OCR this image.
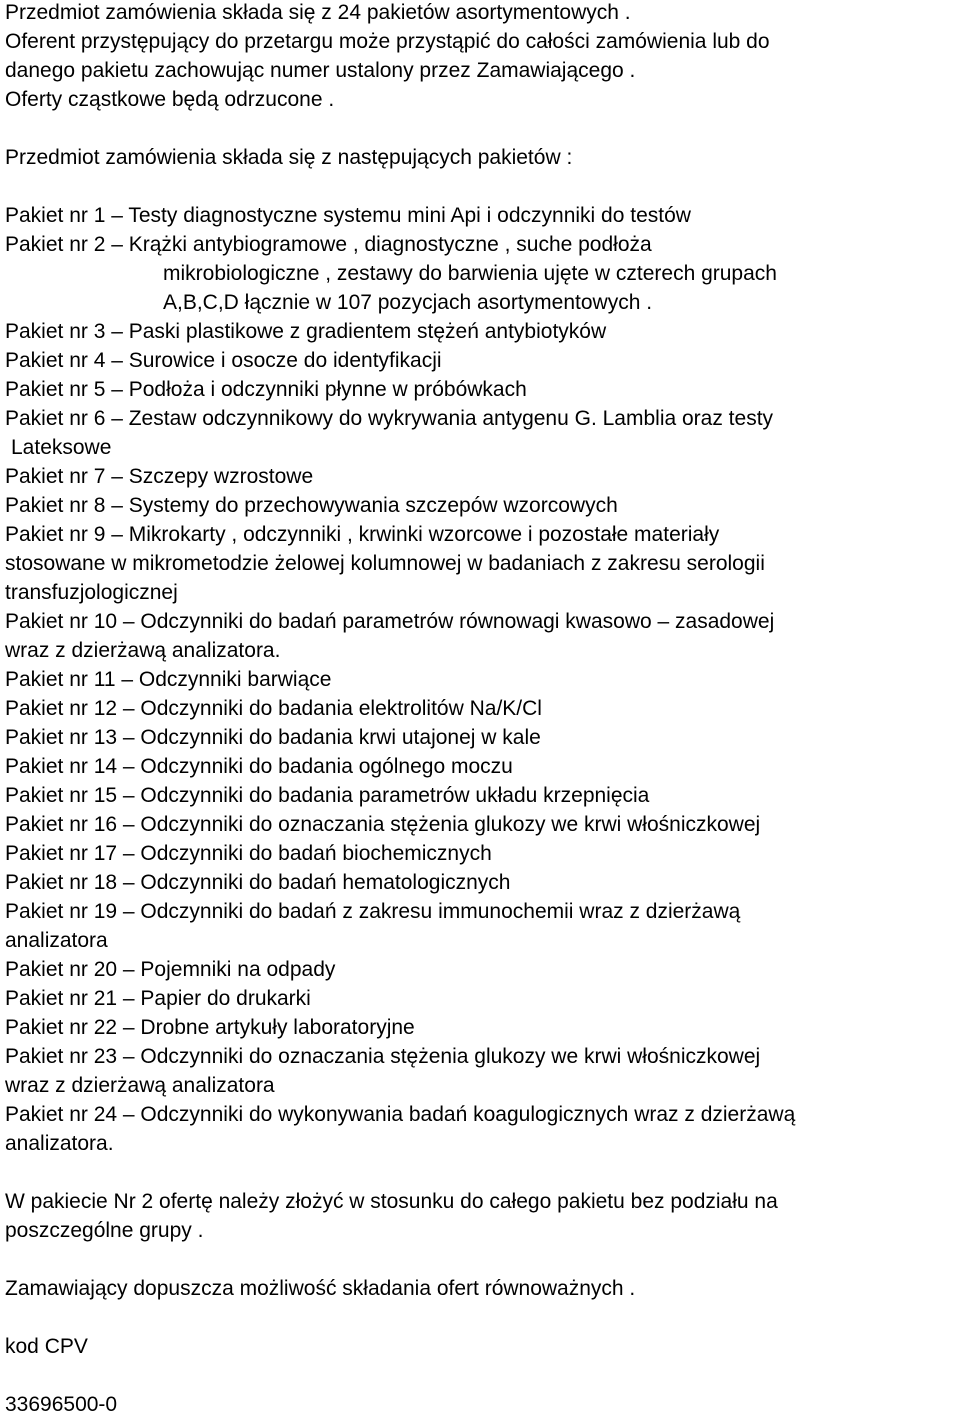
Przedmiot zamówienia składa się z 24 pakietów asortymentowych .
Oferent przystępujący do przetargu może przystąpić do całości zamówienia lub do
danego pakietu zachowując numer ustalony przez Zamawiającego .
Oferty cząstkowe będą odrzucone .
Przedmiot zamówienia składa się z następujących pakietów :
Pakiet nr 1 – Testy diagnostyczne systemu mini Api i odczynniki do testów
Pakiet nr 2 – Krążki antybiogramowe , diagnostyczne , suche podłoża
mikrobiologiczne , zestawy do barwienia ujęte w czterech grupach
A,B,C,D łącznie w 107 pozycjach asortymentowych .
Pakiet nr 3 – Paski plastikowe z gradientem stężeń antybiotyków
Pakiet nr 4 – Surowice i osocze do identyfikacji
Pakiet nr 5 – Podłoża i odczynniki płynne w próbówkach
Pakiet nr 6 – Zestaw odczynnikowy do wykrywania antygenu G. Lamblia oraz testy
Lateksowe
Pakiet nr 7 – Szczepy wzrostowe
Pakiet nr 8 – Systemy do przechowywania szczepów wzorcowych
Pakiet nr 9 – Mikrokarty , odczynniki , krwinki wzorcowe i pozostałe materiały
stosowane w mikrometodzie żelowej kolumnowej w badaniach z zakresu serologii
transfuzjologicznej
Pakiet nr 10 – Odczynniki do badań parametrów równowagi kwasowo – zasadowej
wraz z dzierżawą analizatora.
Pakiet nr 11 – Odczynniki barwiące
Pakiet nr 12 – Odczynniki do badania elektrolitów Na/K/Cl
Pakiet nr 13 – Odczynniki do badania krwi utajonej w kale
Pakiet nr 14 – Odczynniki do badania ogólnego moczu
Pakiet nr 15 – Odczynniki do badania parametrów układu krzepnięcia
Pakiet nr 16 – Odczynniki do oznaczania stężenia glukozy we krwi włośniczkowej
Pakiet nr 17 – Odczynniki do badań biochemicznych
Pakiet nr 18 – Odczynniki do badań hematologicznych
Pakiet nr 19 – Odczynniki do badań z zakresu immunochemii wraz z dzierżawą
analizatora
Pakiet nr 20 – Pojemniki na odpady
Pakiet nr 21 – Papier do drukarki
Pakiet nr 22 – Drobne artykuły laboratoryjne
Pakiet nr 23 – Odczynniki do oznaczania stężenia glukozy we krwi włośniczkowej
wraz z dzierżawą analizatora
Pakiet nr 24 – Odczynniki do wykonywania badań koagulogicznych wraz z dzierżawą
analizatora.
W pakiecie Nr 2 ofertę należy złożyć w stosunku do całego pakietu bez podziału na
poszczególne grupy .
Zamawiający dopuszcza możliwość składania ofert równoważnych .
kod CPV
33696500-0
